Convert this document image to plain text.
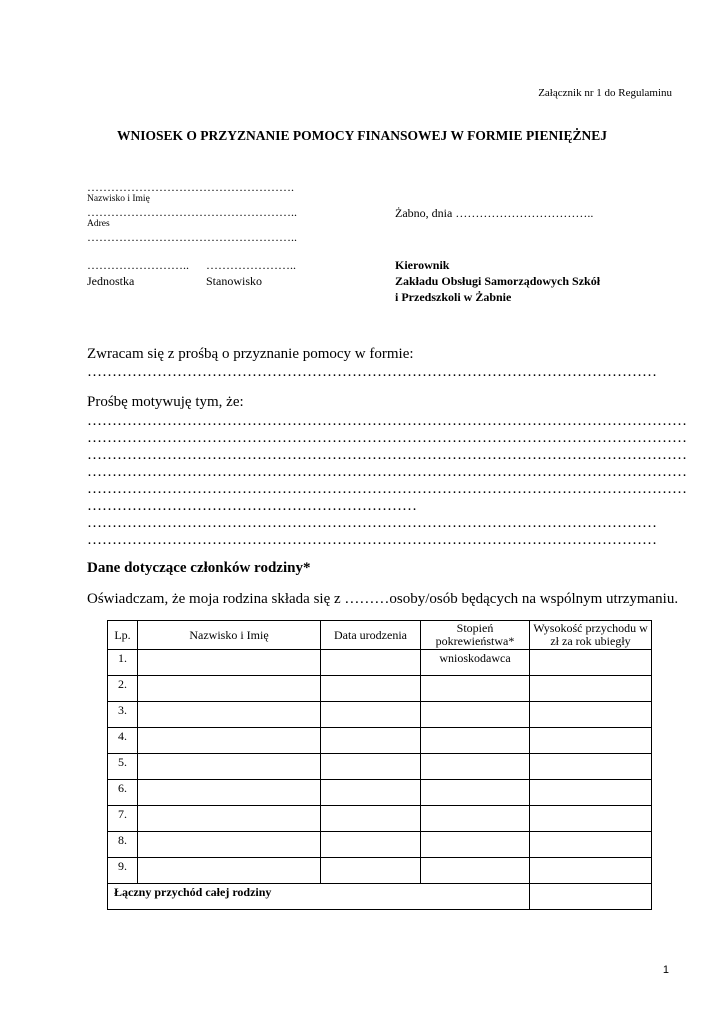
Załącznik nr 1 do Regulaminu
WNIOSEK O PRZYZNANIE POMOCY FINANSOWEJ W FORMIE PIENIĘŻNEJ
…………………………………………….
Nazwisko i Imię
……………………………………………..
Adres
……………………………………………..
Żabno, dnia ……………………………..
…………………….. …………………..
Jednostka	Stanowisko
Kierownik
Zakładu Obsługi Samorządowych Szkół
i Przedszkoli w Żabnie
Zwracam się z prośbą o przyznanie pomocy w formie:
……………………………………………………………………………………………………
Prośbę motywuję tym, że:
…………………………………………………………………………………………………………
…………………………………………………………………………………………………………
…………………………………………………………………………………………………………
…………………………………………………………………………………………………………
…………………………………………………………………………………………………………
…………………………………………………………
……………………………………………………………………………………………………
……………………………………………………………………………………………………
Dane dotyczące członków rodziny*
Oświadczam, że moja rodzina składa się z ………osoby/osób będących na wspólnym utrzymaniu.
Lp.	Nazwisko i Imię	Data urodzenia	Stopień pokrewieństwa*	Wysokość przychodu w zł za rok ubiegły
1.			wnioskodawca	
2.				
3.				
4.				
5.				
6.				
7.				
8.				
9.				
Łączny przychód całej rodziny				
1
